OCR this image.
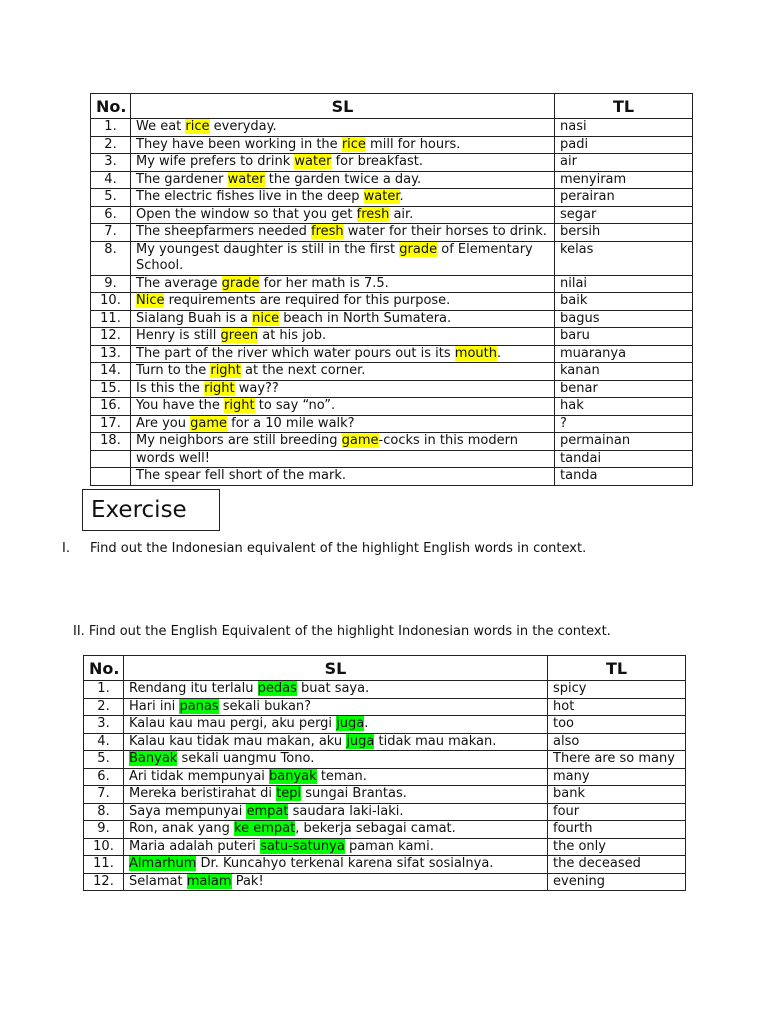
No.	SL	TL
1.	We eat rice everyday.	nasi
2.	They have been working in the rice mill for hours.	padi
3.	My wife prefers to drink water for breakfast.	air
4.	The gardener water the garden twice a day.	menyiram
5.	The electric fishes live in the deep water.	perairan
6.	Open the window so that you get fresh air.	segar
7.	The sheepfarmers needed fresh water for their horses to drink.	bersih
8.	My youngest daughter is still in the first grade of Elementary School.	kelas
9.	The average grade for her math is 7.5.	nilai
10.	Nice requirements are required for this purpose.	baik
11.	Sialang Buah is a nice beach in North Sumatera.	bagus
12.	Henry is still green at his job.	baru
13.	The part of the river which water pours out is its mouth.	muaranya
14.	Turn to the right at the next corner.	kanan
15.	Is this the right way??	benar
16.	You have the right to say “no”.	hak
17.	Are you game for a 10 mile walk?	?
18.	My neighbors are still breeding game-cocks in this modern	permainan
	words well!	tandai
	The spear fell short of the mark.	tanda
Exercise
I. Find out the Indonesian equivalent of the highlight English words in context.
II. Find out the English Equivalent of the highlight Indonesian words in the context.
No.	SL	TL
1.	Rendang itu terlalu pedas buat saya.	spicy
2.	Hari ini panas sekali bukan?	hot
3.	Kalau kau mau pergi, aku pergi juga.	too
4.	Kalau kau tidak mau makan, aku juga tidak mau makan.	also
5.	Banyak sekali uangmu Tono.	There are so many
6.	Ari tidak mempunyai banyak teman.	many
7.	Mereka beristirahat di tepi sungai Brantas.	bank
8.	Saya mempunyai empat saudara laki-laki.	four
9.	Ron, anak yang ke empat, bekerja sebagai camat.	fourth
10.	Maria adalah puteri satu-satunya paman kami.	the only
11.	Almarhum Dr. Kuncahyo terkenal karena sifat sosialnya.	the deceased
12.	Selamat malam Pak!	evening
